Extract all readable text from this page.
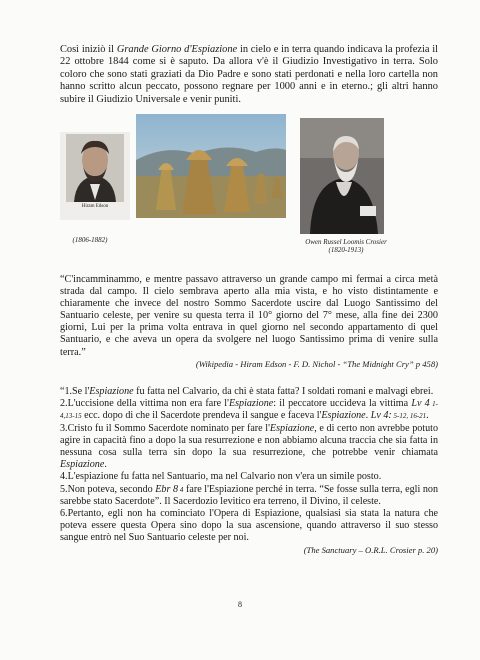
Così iniziò il Grande Giorno d'Espiazione in cielo e in terra quando indicava la profezia il 22 ottobre 1844 come si è saputo. Da allora v'è il Giudizio Investigativo in terra. Solo coloro che sono stati graziati da Dio Padre e sono stati perdonati e nella loro cartella non hanno scritto alcun peccato, possono regnare per 1000 anni e in eterno.; gli altri hanno subire il Giudizio Universale e venir puniti.
Hiram Edson
(1806-1882)	Owen Russel Loomis Crosier
(1820-1913)
“C'incamminammo, e mentre passavo attraverso un grande campo mi fermai a circa metà strada dal campo. Il cielo sembrava aperto alla mia vista, e ho visto distintamente e chiaramente che invece del nostro Sommo Sacerdote uscire dal Luogo Santissimo del Santuario celeste, per venire su questa terra il 10° giorno del 7° mese, alla fine dei 2300 giorni, Lui per la prima volta entrava in quel giorno nel secondo appartamento di quel Santuario, e che aveva un opera da svolgere nel luogo Santissimo prima di venire sulla terra.”
(Wikipedia - Hiram Edson - F. D. Nichol - “The Midnight Cry” p 458)

“1.Se l'Espiazione fu fatta nel Calvario, da chi è stata fatta? I soldati romani e malvagi ebrei.

2.L'uccisione della vittima non era fare l'Espiazione: il peccatore uccideva la vittima Lv 4 1-4,13-15 ecc. dopo di che il Sacerdote prendeva il sangue e faceva l'Espiazione. Lv 4: 5-12, 16-21.

3.Cristo fu il Sommo Sacerdote nominato per fare l'Espiazione, e di certo non avrebbe potuto agire in capacità fino a dopo la sua resurrezione e non abbiamo alcuna traccia che sia fatta in nessuna cosa sulla terra sin dopo la sua resurrezione, che potrebbe venir chiamata Espiazione.

4.L'espiazione fu fatta nel Santuario, ma nel Calvario non v'era un simile posto.

5.Non poteva, secondo Ebr 8 4 fare l'Espiazione perché in terra. “Se fosse sulla terra, egli non sarebbe stato Sacerdote”. Il Sacerdozio levitico era terreno, il Divino, il celeste.

6.Pertanto, egli non ha cominciato l'Opera di Espiazione, qualsiasi sia stata la natura che poteva essere questa Opera sino dopo la sua ascensione, quando attraverso il suo stesso sangue entrò nel Suo Santuario celeste per noi.

(The Sanctuary – O.R.L. Crosier p. 20)
8
